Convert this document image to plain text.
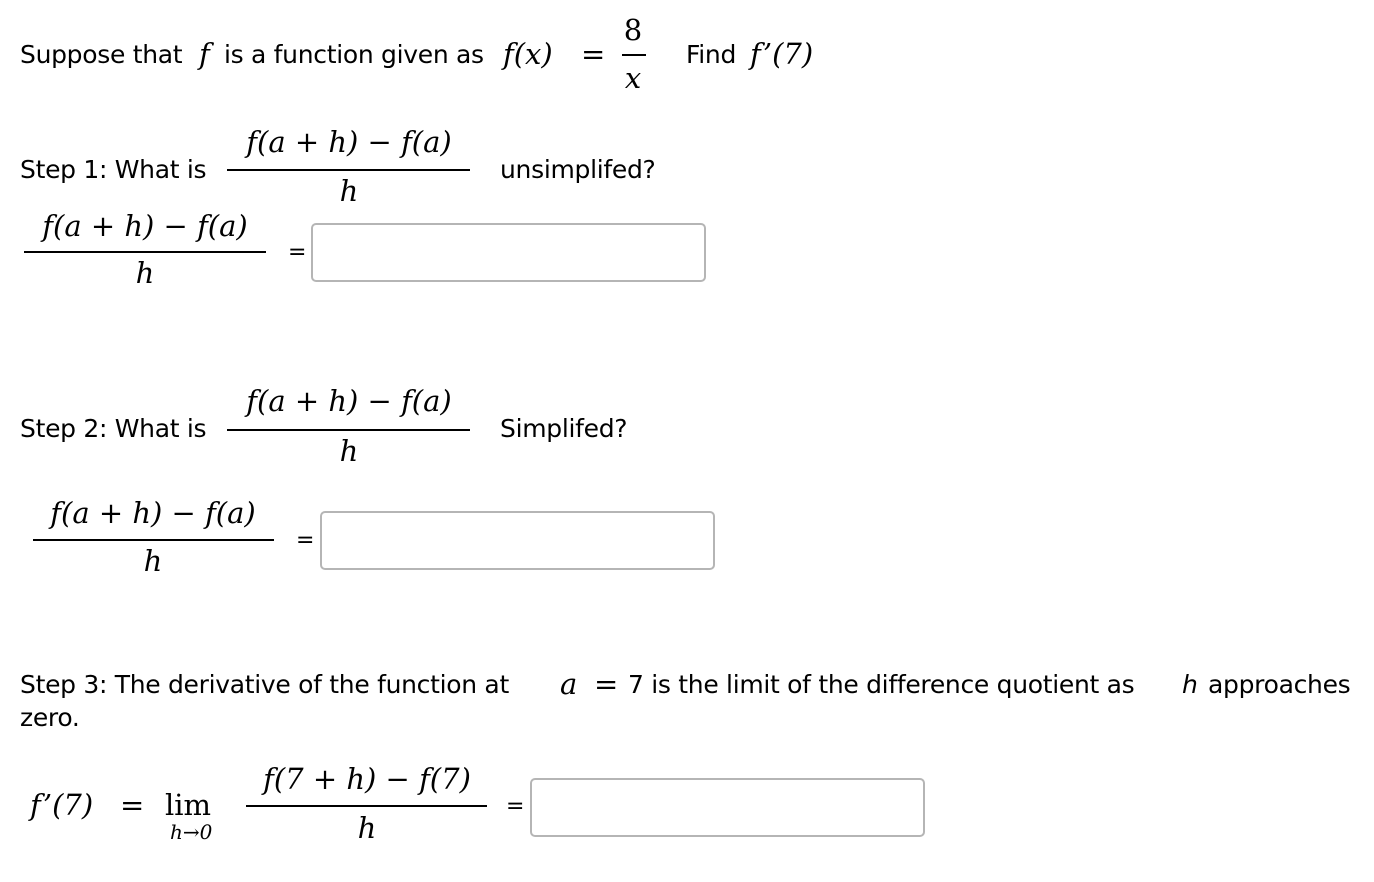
Suppose that f is a function given as f(x) =
8
x
Find f’(7)
Step 1: What is
f(a + h) − f(a)
h
unsimplifed?
f(a + h) − f(a)
h
=
Step 2: What is
f(a + h) − f(a)
h
Simplifed?
f(a + h) − f(a)
h
=
Step 3: The derivative of the function at a = 7 is the limit of the difference quotient as h approaches
zero.
f’(7) = lim
h→0
f(7 + h) − f(7)
h
=
